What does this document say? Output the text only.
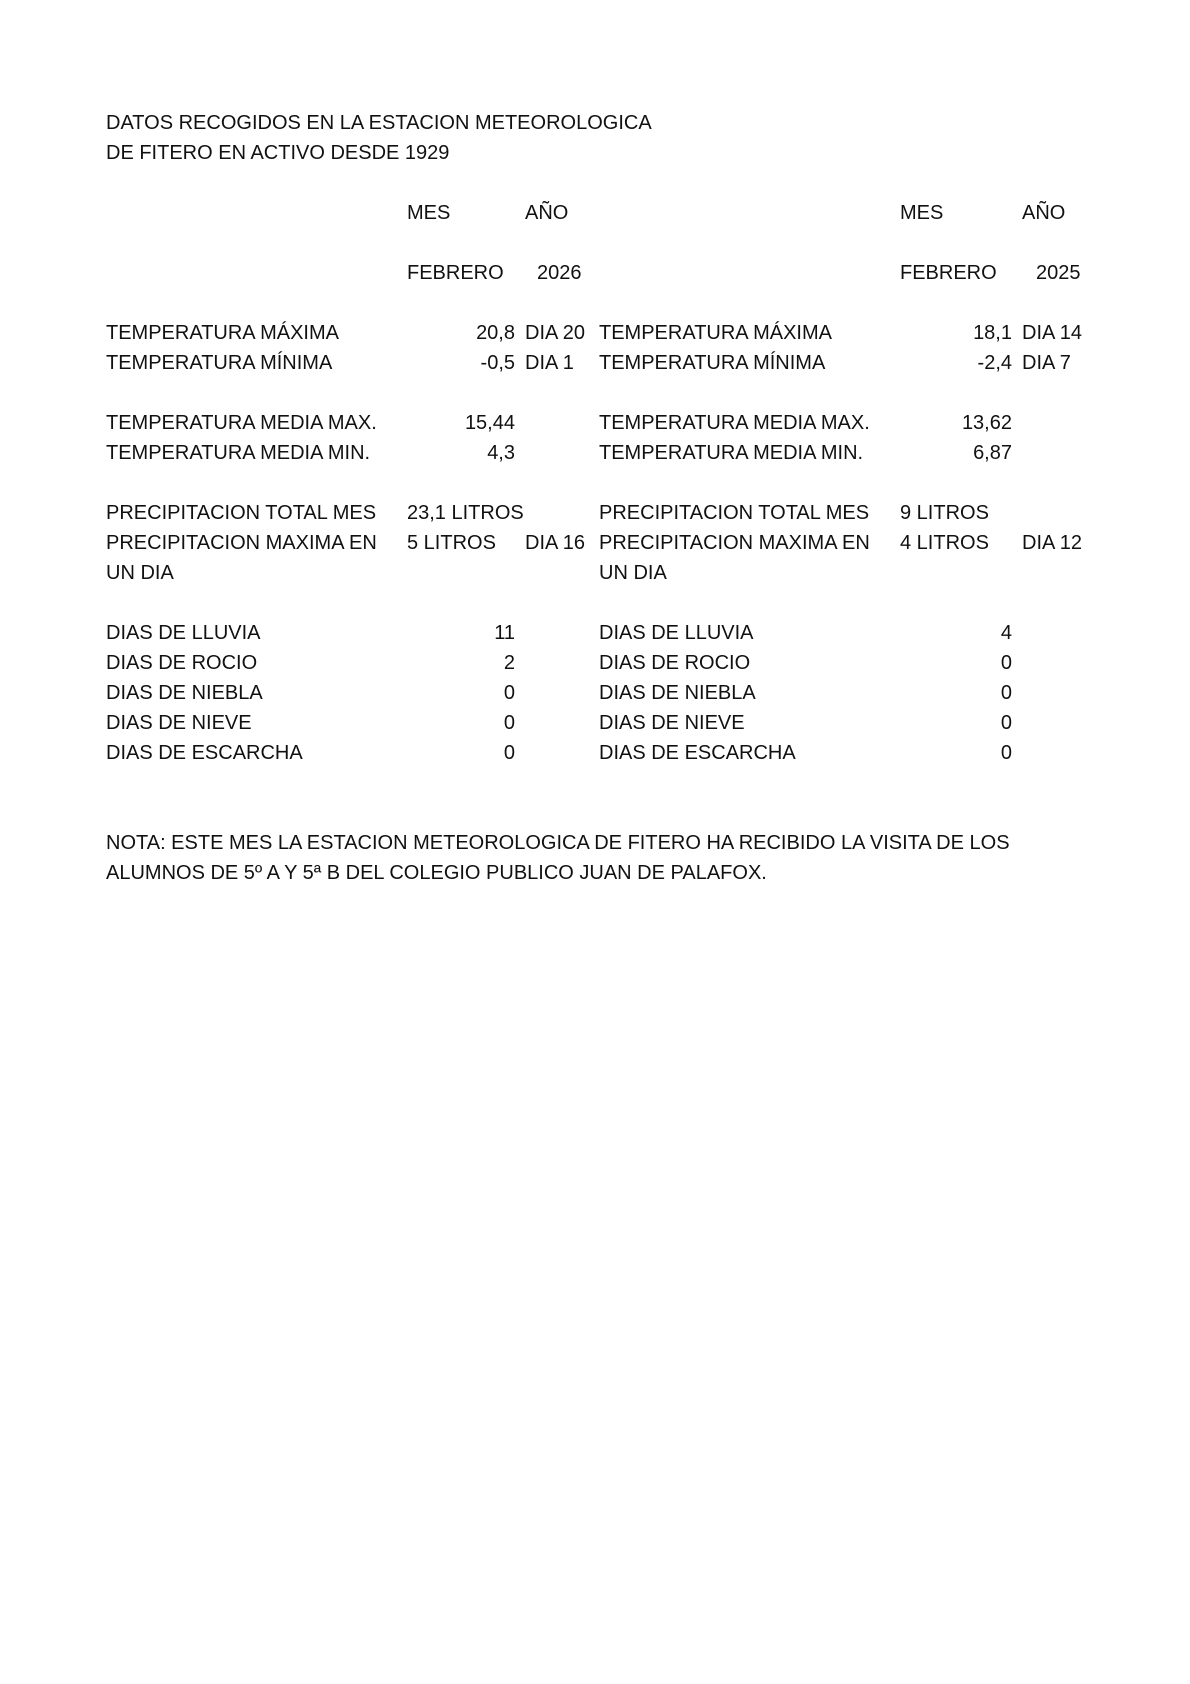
DATOS RECOGIDOS EN LA ESTACION METEOROLOGICA
DE FITERO EN ACTIVO DESDE 1929
MES	AÑO
FEBRERO 2026
MES	AÑO
FEBRERO 2025
TEMPERATURA MÁXIMA	20,8 DIA 20
TEMPERATURA MÍNIMA	-0,5 DIA 1
TEMPERATURA MEDIA MAX.	15,44
TEMPERATURA MEDIA MIN.	4,3
PRECIPITACION TOTAL MES 23,1 LITROS
PRECIPITACION MAXIMA EN 5 LITROS DIA 16
UN DIA
DIAS DE LLUVIA	11
DIAS DE ROCIO	2
DIAS DE NIEBLA	0
DIAS DE NIEVE	0
DIAS DE ESCARCHA	0
TEMPERATURA MÁXIMA	18,1 DIA 14
TEMPERATURA MÍNIMA	-2,4 DIA 7
TEMPERATURA MEDIA MAX.	13,62
TEMPERATURA MEDIA MIN.	6,87
PRECIPITACION TOTAL MES 9 LITROS
PRECIPITACION MAXIMA EN 4 LITROS DIA 12
UN DIA
DIAS DE LLUVIA	4
DIAS DE ROCIO	0
DIAS DE NIEBLA	0
DIAS DE NIEVE	0
DIAS DE ESCARCHA	0
NOTA: ESTE MES LA ESTACION METEOROLOGICA DE FITERO HA RECIBIDO LA VISITA DE LOS
ALUMNOS DE 5º A Y 5ª B DEL COLEGIO PUBLICO JUAN DE PALAFOX.
